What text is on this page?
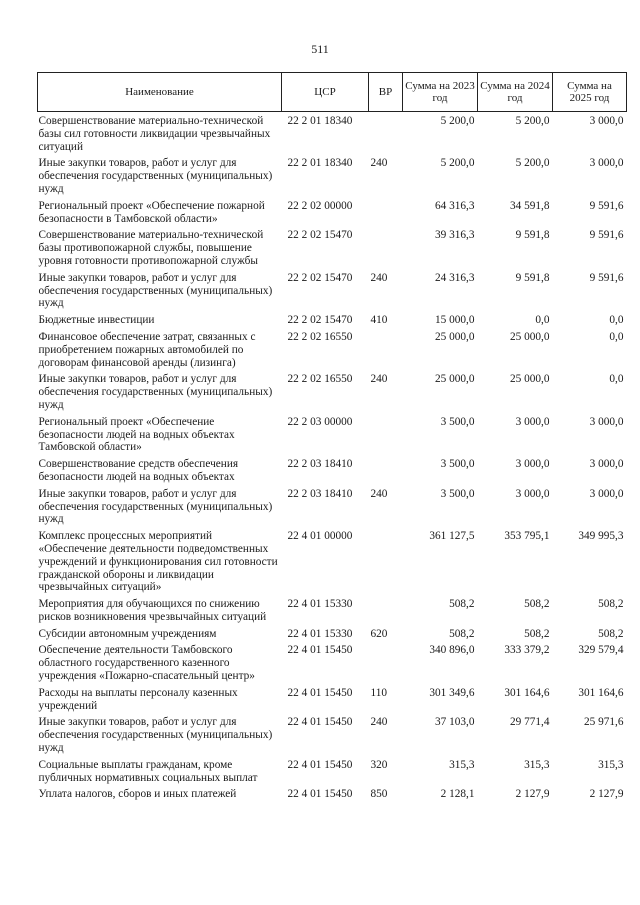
511
Наименование	ЦСР	ВР	Сумма на 2023 год	Сумма на 2024 год	Сумма на 2025 год

Совершенствование материально-технической базы сил готовности ликвидации чрезвычайных ситуаций	22 2 01 18340		5 200,0	5 200,0	3 000,0
Иные закупки товаров, работ и услуг для обеспечения государственных (муниципальных) нужд	22 2 01 18340	240	5 200,0	5 200,0	3 000,0
Региональный проект «Обеспечение пожарной безопасности в Тамбовской области»	22 2 02 00000		64 316,3	34 591,8	9 591,6
Совершенствование материально-технической базы противопожарной службы, повышение уровня готовности противопожарной службы	22 2 02 15470		39 316,3	9 591,8	9 591,6
Иные закупки товаров, работ и услуг для обеспечения государственных (муниципальных) нужд	22 2 02 15470	240	24 316,3	9 591,8	9 591,6
Бюджетные инвестиции	22 2 02 15470	410	15 000,0	0,0	0,0
Финансовое обеспечение затрат, связанных с приобретением пожарных автомобилей по договорам финансовой аренды (лизинга)	22 2 02 16550		25 000,0	25 000,0	0,0
Иные закупки товаров, работ и услуг для обеспечения государственных (муниципальных) нужд	22 2 02 16550	240	25 000,0	25 000,0	0,0
Региональный проект «Обеспечение безопасности людей на водных объектах Тамбовской области»	22 2 03 00000		3 500,0	3 000,0	3 000,0
Совершенствование средств обеспечения безопасности людей на водных объектах	22 2 03 18410		3 500,0	3 000,0	3 000,0
Иные закупки товаров, работ и услуг для обеспечения государственных (муниципальных) нужд	22 2 03 18410	240	3 500,0	3 000,0	3 000,0
Комплекс процессных мероприятий «Обеспечение деятельности подведомственных учреждений и функционирования сил готовности гражданской обороны и ликвидации чрезвычайных ситуаций»	22 4 01 00000		361 127,5	353 795,1	349 995,3
Мероприятия для обучающихся по снижению рисков возникновения чрезвычайных ситуаций	22 4 01 15330		508,2	508,2	508,2
Субсидии автономным учреждениям	22 4 01 15330	620	508,2	508,2	508,2
Обеспечение деятельности Тамбовского областного государственного казенного учреждения «Пожарно-спасательный центр»	22 4 01 15450		340 896,0	333 379,2	329 579,4
Расходы на выплаты персоналу казенных учреждений	22 4 01 15450	110	301 349,6	301 164,6	301 164,6
Иные закупки товаров, работ и услуг для обеспечения государственных (муниципальных) нужд	22 4 01 15450	240	37 103,0	29 771,4	25 971,6
Социальные выплаты гражданам, кроме публичных нормативных социальных выплат	22 4 01 15450	320	315,3	315,3	315,3
Уплата налогов, сборов и иных платежей	22 4 01 15450	850	2 128,1	2 127,9	2 127,9
